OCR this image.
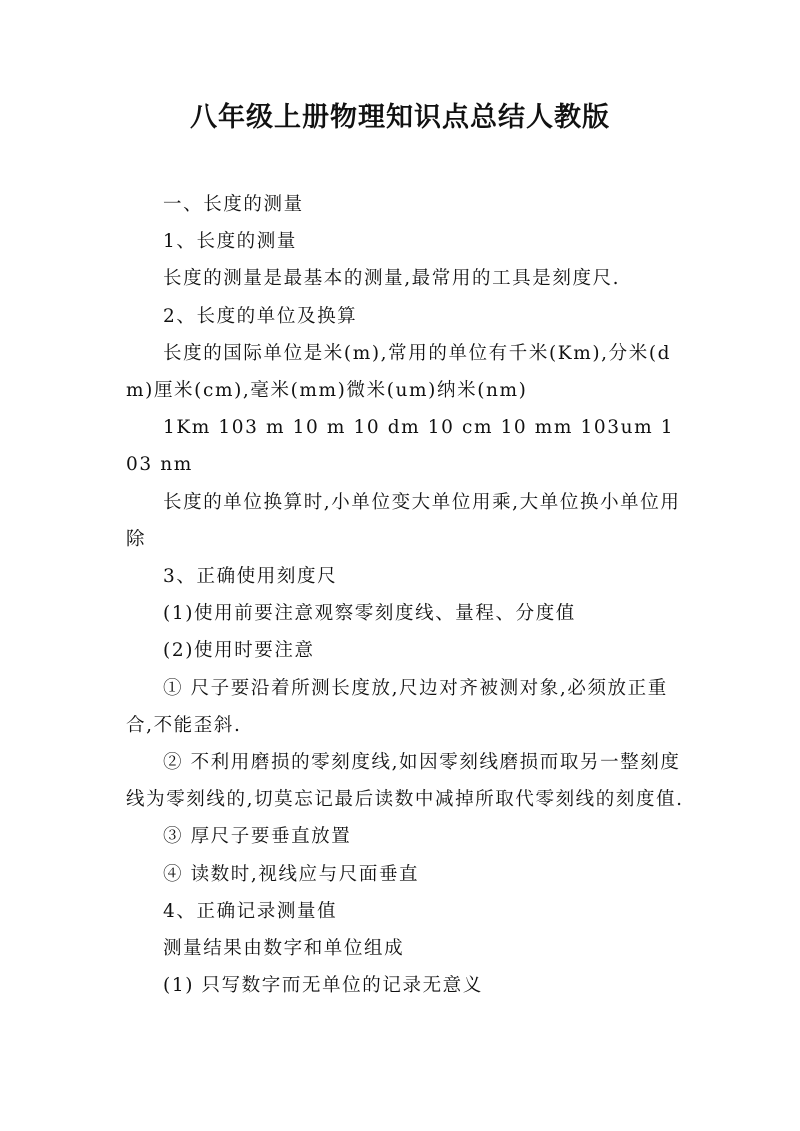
八年级上册物理知识点总结人教版

一、长度的测量

1、长度的测量

长度的测量是最基本的测量,最常用的工具是刻度尺.

2、长度的单位及换算

长度的国际单位是米(m),常用的单位有千米(Km),分米(dm)厘米(cm),毫米(mm)微米(um)纳米(nm)

1Km 103 m 10 m 10 dm 10 cm 10 mm 103um 103 nm

长度的单位换算时,小单位变大单位用乘,大单位换小单位用除

3、正确使用刻度尺

(1)使用前要注意观察零刻度线、量程、分度值

(2)使用时要注意

① 尺子要沿着所测长度放,尺边对齐被测对象,必须放正重合,不能歪斜.

② 不利用磨损的零刻度线,如因零刻线磨损而取另一整刻度线为零刻线的,切莫忘记最后读数中减掉所取代零刻线的刻度值.

③ 厚尺子要垂直放置

④ 读数时,视线应与尺面垂直

4、正确记录测量值

测量结果由数字和单位组成

(1) 只写数字而无单位的记录无意义
